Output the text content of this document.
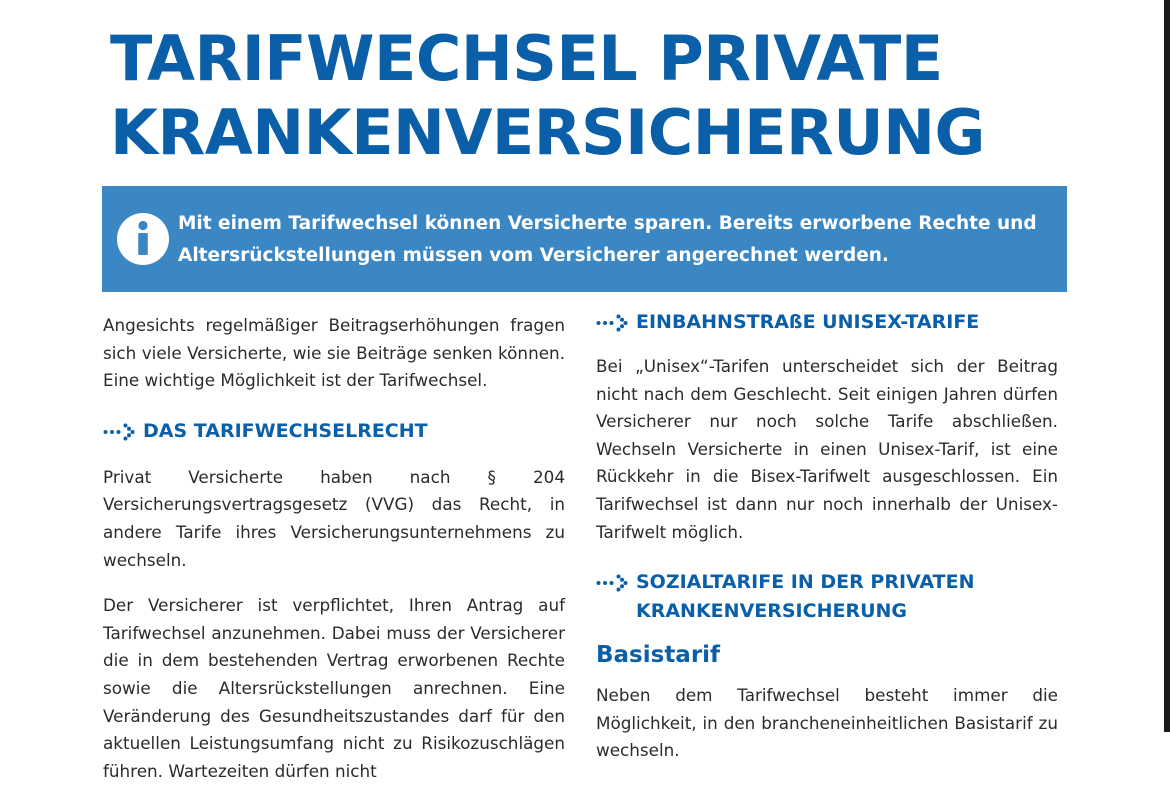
TARIFWECHSEL PRIVATE
KRANKENVERSICHERUNG

Mit einem Tarifwechsel können Versicherte sparen. Bereits erworbene Rechte und Altersrückstellungen müssen vom Versicherer angerechnet werden.

Angesichts regelmäßiger Beitragserhöhungen fragen sich viele Versicherte, wie sie Beiträge senken können. Eine wichtige Möglichkeit ist der Tarifwechsel.

DAS TARIFWECHSELRECHT

Privat Versicherte haben nach § 204 Versicherungsvertragsgesetz (VVG) das Recht, in andere Tarife ihres Versicherungsunternehmens zu wechseln.

Der Versicherer ist verpflichtet, Ihren Antrag auf Tarifwechsel anzunehmen. Dabei muss der Versicherer die in dem bestehenden Vertrag erworbenen Rechte sowie die Altersrückstellungen anrechnen. Eine Veränderung des Gesundheitszustandes darf für den aktuellen Leistungsumfang nicht zu Risikozuschlägen führen. Wartezeiten dürfen nicht

EINBAHNSTRAßE UNISEX-TARIFE

Bei „Unisex“-Tarifen unterscheidet sich der Beitrag nicht nach dem Geschlecht. Seit einigen Jahren dürfen Versicherer nur noch solche Tarife abschließen. Wechseln Versicherte in einen Unisex-Tarif, ist eine Rückkehr in die Bisex-Tarifwelt ausgeschlossen. Ein Tarifwechsel ist dann nur noch innerhalb der Unisex-Tarifwelt möglich.

SOZIALTARIFE IN DER PRIVATEN KRANKENVERSICHERUNG
Basistarif

Neben dem Tarifwechsel besteht immer die Möglichkeit, in den brancheneinheitlichen Basistarif zu wechseln.
